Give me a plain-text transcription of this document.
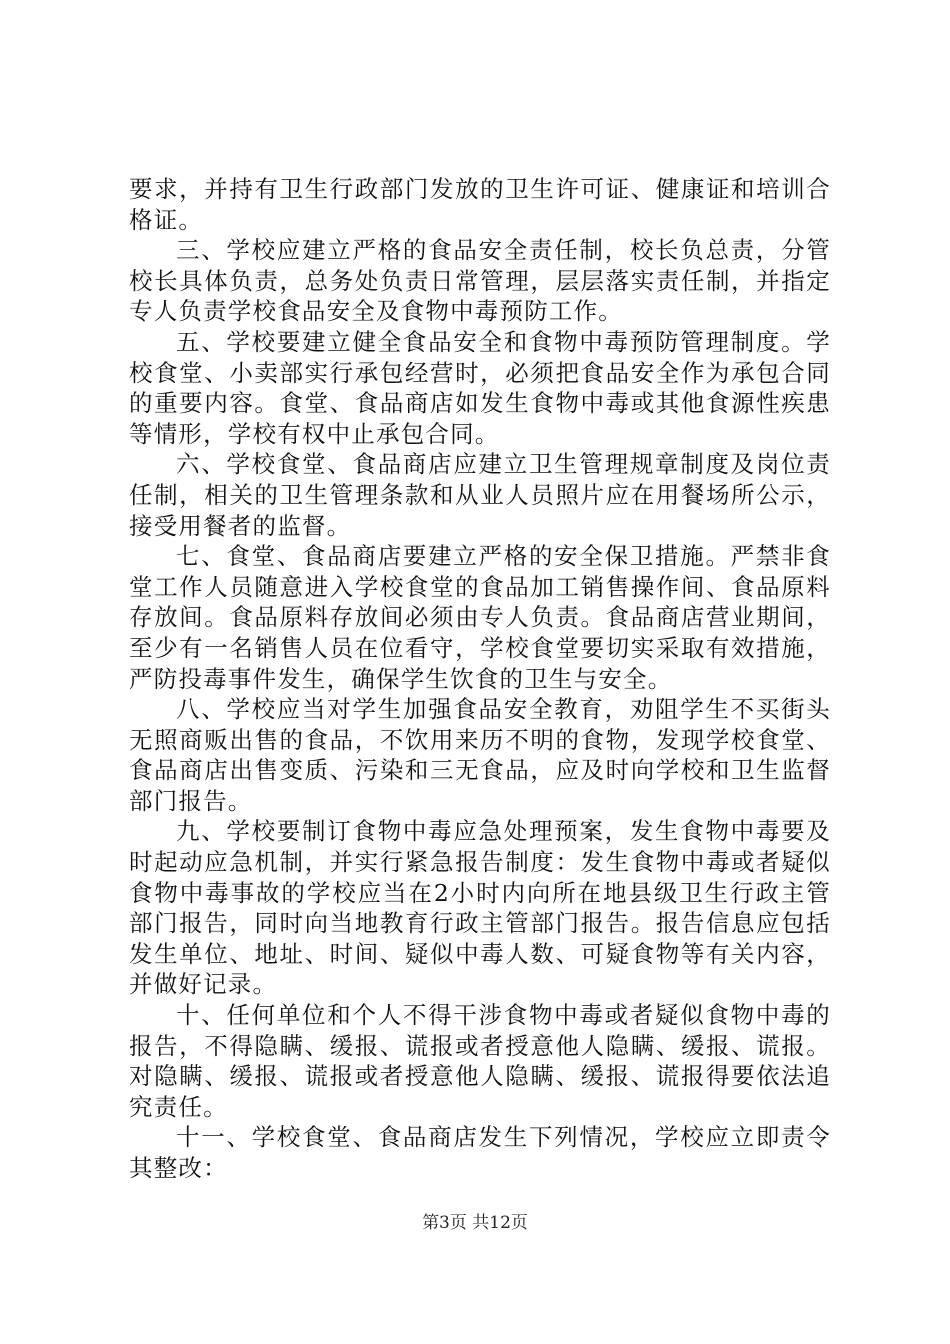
要求，并持有卫生行政部门发放的卫生许可证、健康证和培训合格证。

三、学校应建立严格的食品安全责任制，校长负总责，分管校长具体负责，总务处负责日常管理，层层落实责任制，并指定专人负责学校食品安全及食物中毒预防工作。

五、学校要建立健全食品安全和食物中毒预防管理制度。学校食堂、小卖部实行承包经营时，必须把食品安全作为承包合同的重要内容。食堂、食品商店如发生食物中毒或其他食源性疾患等情形，学校有权中止承包合同。

六、学校食堂、食品商店应建立卫生管理规章制度及岗位责任制，相关的卫生管理条款和从业人员照片应在用餐场所公示，接受用餐者的监督。

七、食堂、食品商店要建立严格的安全保卫措施。严禁非食堂工作人员随意进入学校食堂的食品加工销售操作间、食品原料存放间。食品原料存放间必须由专人负责。食品商店营业期间，至少有一名销售人员在位看守，学校食堂要切实采取有效措施，严防投毒事件发生，确保学生饮食的卫生与安全。

八、学校应当对学生加强食品安全教育，劝阻学生不买街头无照商贩出售的食品，不饮用来历不明的食物，发现学校食堂、食品商店出售变质、污染和三无食品，应及时向学校和卫生监督部门报告。

九、学校要制订食物中毒应急处理预案，发生食物中毒要及时起动应急机制，并实行紧急报告制度：发生食物中毒或者疑似食物中毒事故的学校应当在2小时内向所在地县级卫生行政主管部门报告，同时向当地教育行政主管部门报告。报告信息应包括发生单位、地址、时间、疑似中毒人数、可疑食物等有关内容，并做好记录。

十、任何单位和个人不得干涉食物中毒或者疑似食物中毒的报告，不得隐瞒、缓报、谎报或者授意他人隐瞒、缓报、谎报。对隐瞒、缓报、谎报或者授意他人隐瞒、缓报、谎报得要依法追究责任。

十一、学校食堂、食品商店发生下列情况，学校应立即责令其整改：

第3页 共12页
